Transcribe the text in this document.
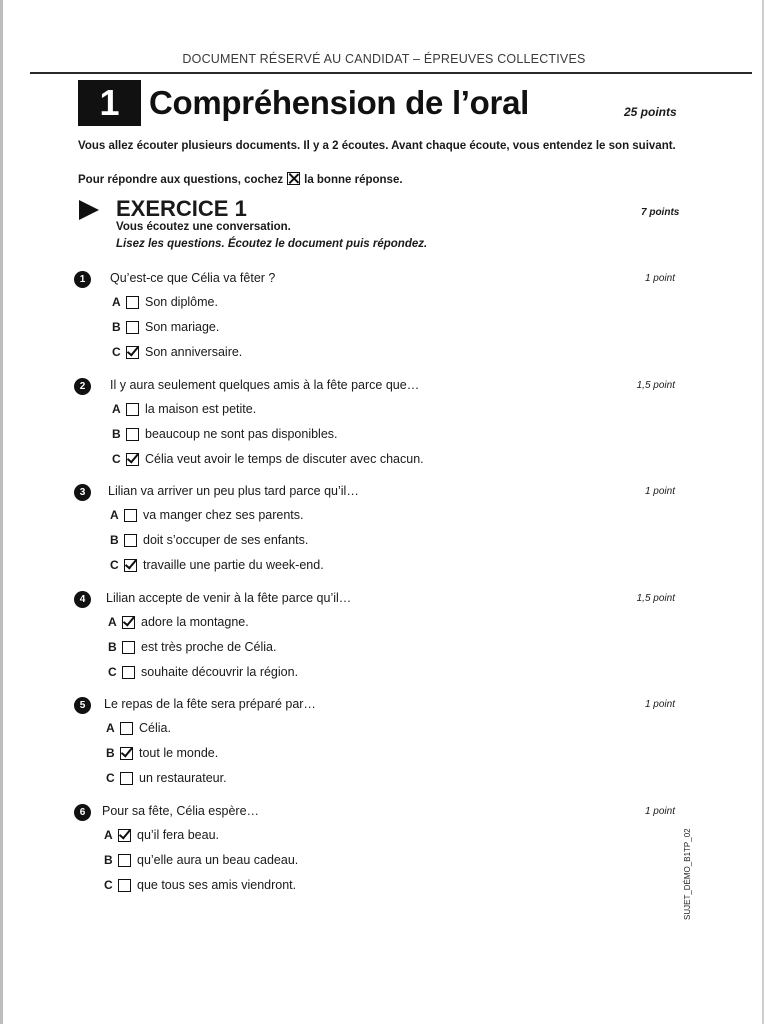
DOCUMENT RÉSERVÉ AU CANDIDAT – ÉPREUVES COLLECTIVES
1 Compréhension de l’oral	25 points
Vous allez écouter plusieurs documents. Il y a 2 écoutes. Avant chaque écoute, vous entendez le son suivant.
Pour répondre aux questions, cochez ☒ la bonne réponse.
EXERCICE 1	7 points
Vous écoutez une conversation.
Lisez les questions. Écoutez le document puis répondez.
1	Qu’est-ce que Célia va fêter ?	1 point
A	Son diplôme.
B	Son mariage.
C	Son anniversaire.
2	Il y aura seulement quelques amis à la fête parce que…	1,5 point
A	la maison est petite.
B	beaucoup ne sont pas disponibles.
C	Célia veut avoir le temps de discuter avec chacun.
3	Lilian va arriver un peu plus tard parce qu’il…	1 point
A	va manger chez ses parents.
B	doit s’occuper de ses enfants.
C	travaille une partie du week-end.
4	Lilian accepte de venir à la fête parce qu’il…	1,5 point
A	adore la montagne.
B	est très proche de Célia.
C	souhaite découvrir la région.
5	Le repas de la fête sera préparé par…	1 point
A	Célia.
B	tout le monde.
C	un restaurateur.
6	Pour sa fête, Célia espère…	1 point
A	qu’il fera beau.
B	qu’elle aura un beau cadeau.
C	que tous ses amis viendront.	SUJET_DÉMO_B1TP_02
